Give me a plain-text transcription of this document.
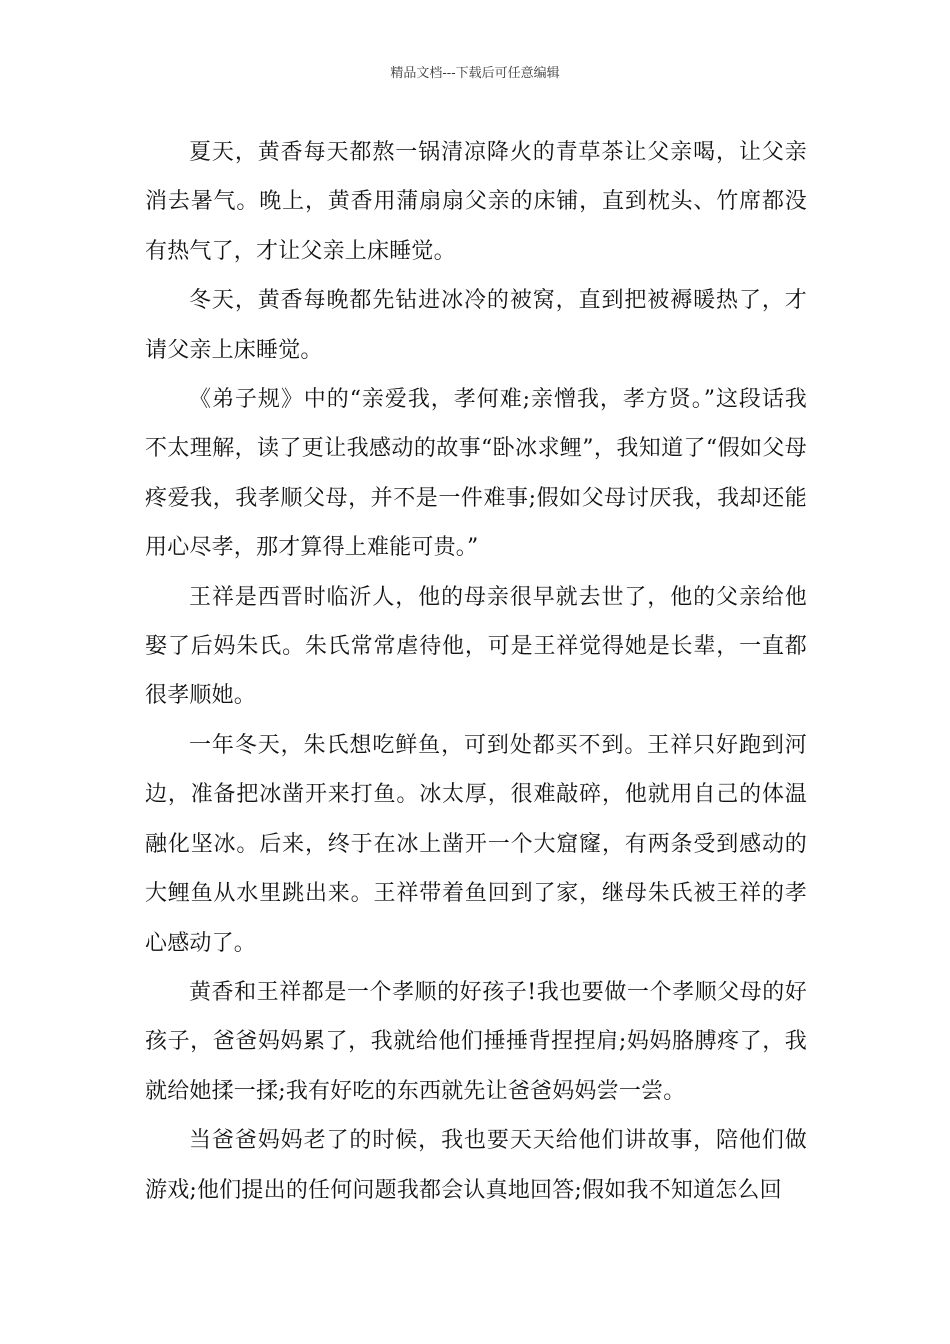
精品文档---下载后可任意编辑

夏天，黄香每天都熬一锅清凉降火的青草茶让父亲喝，让父亲消去暑气。晚上，黄香用蒲扇扇父亲的床铺，直到枕头、竹席都没有热气了，才让父亲上床睡觉。

冬天，黄香每晚都先钻进冰冷的被窝，直到把被褥暖热了，才请父亲上床睡觉。

《弟子规》中的“亲爱我，孝何难;亲憎我，孝方贤。”这段话我不太理解，读了更让我感动的故事“卧冰求鲤”，我知道了“假如父母疼爱我，我孝顺父母，并不是一件难事;假如父母讨厌我，我却还能用心尽孝，那才算得上难能可贵。”

王祥是西晋时临沂人，他的母亲很早就去世了，他的父亲给他娶了后妈朱氏。朱氏常常虐待他，可是王祥觉得她是长辈，一直都很孝顺她。

一年冬天，朱氏想吃鲜鱼，可到处都买不到。王祥只好跑到河边，准备把冰凿开来打鱼。冰太厚，很难敲碎，他就用自己的体温融化坚冰。后来，终于在冰上凿开一个大窟窿，有两条受到感动的大鲤鱼从水里跳出来。王祥带着鱼回到了家，继母朱氏被王祥的孝心感动了。

黄香和王祥都是一个孝顺的好孩子!我也要做一个孝顺父母的好孩子，爸爸妈妈累了，我就给他们捶捶背捏捏肩;妈妈胳膊疼了，我就给她揉一揉;我有好吃的东西就先让爸爸妈妈尝一尝。

当爸爸妈妈老了的时候，我也要天天给他们讲故事，陪他们做游戏;他们提出的任何问题我都会认真地回答;假如我不知道怎么回
